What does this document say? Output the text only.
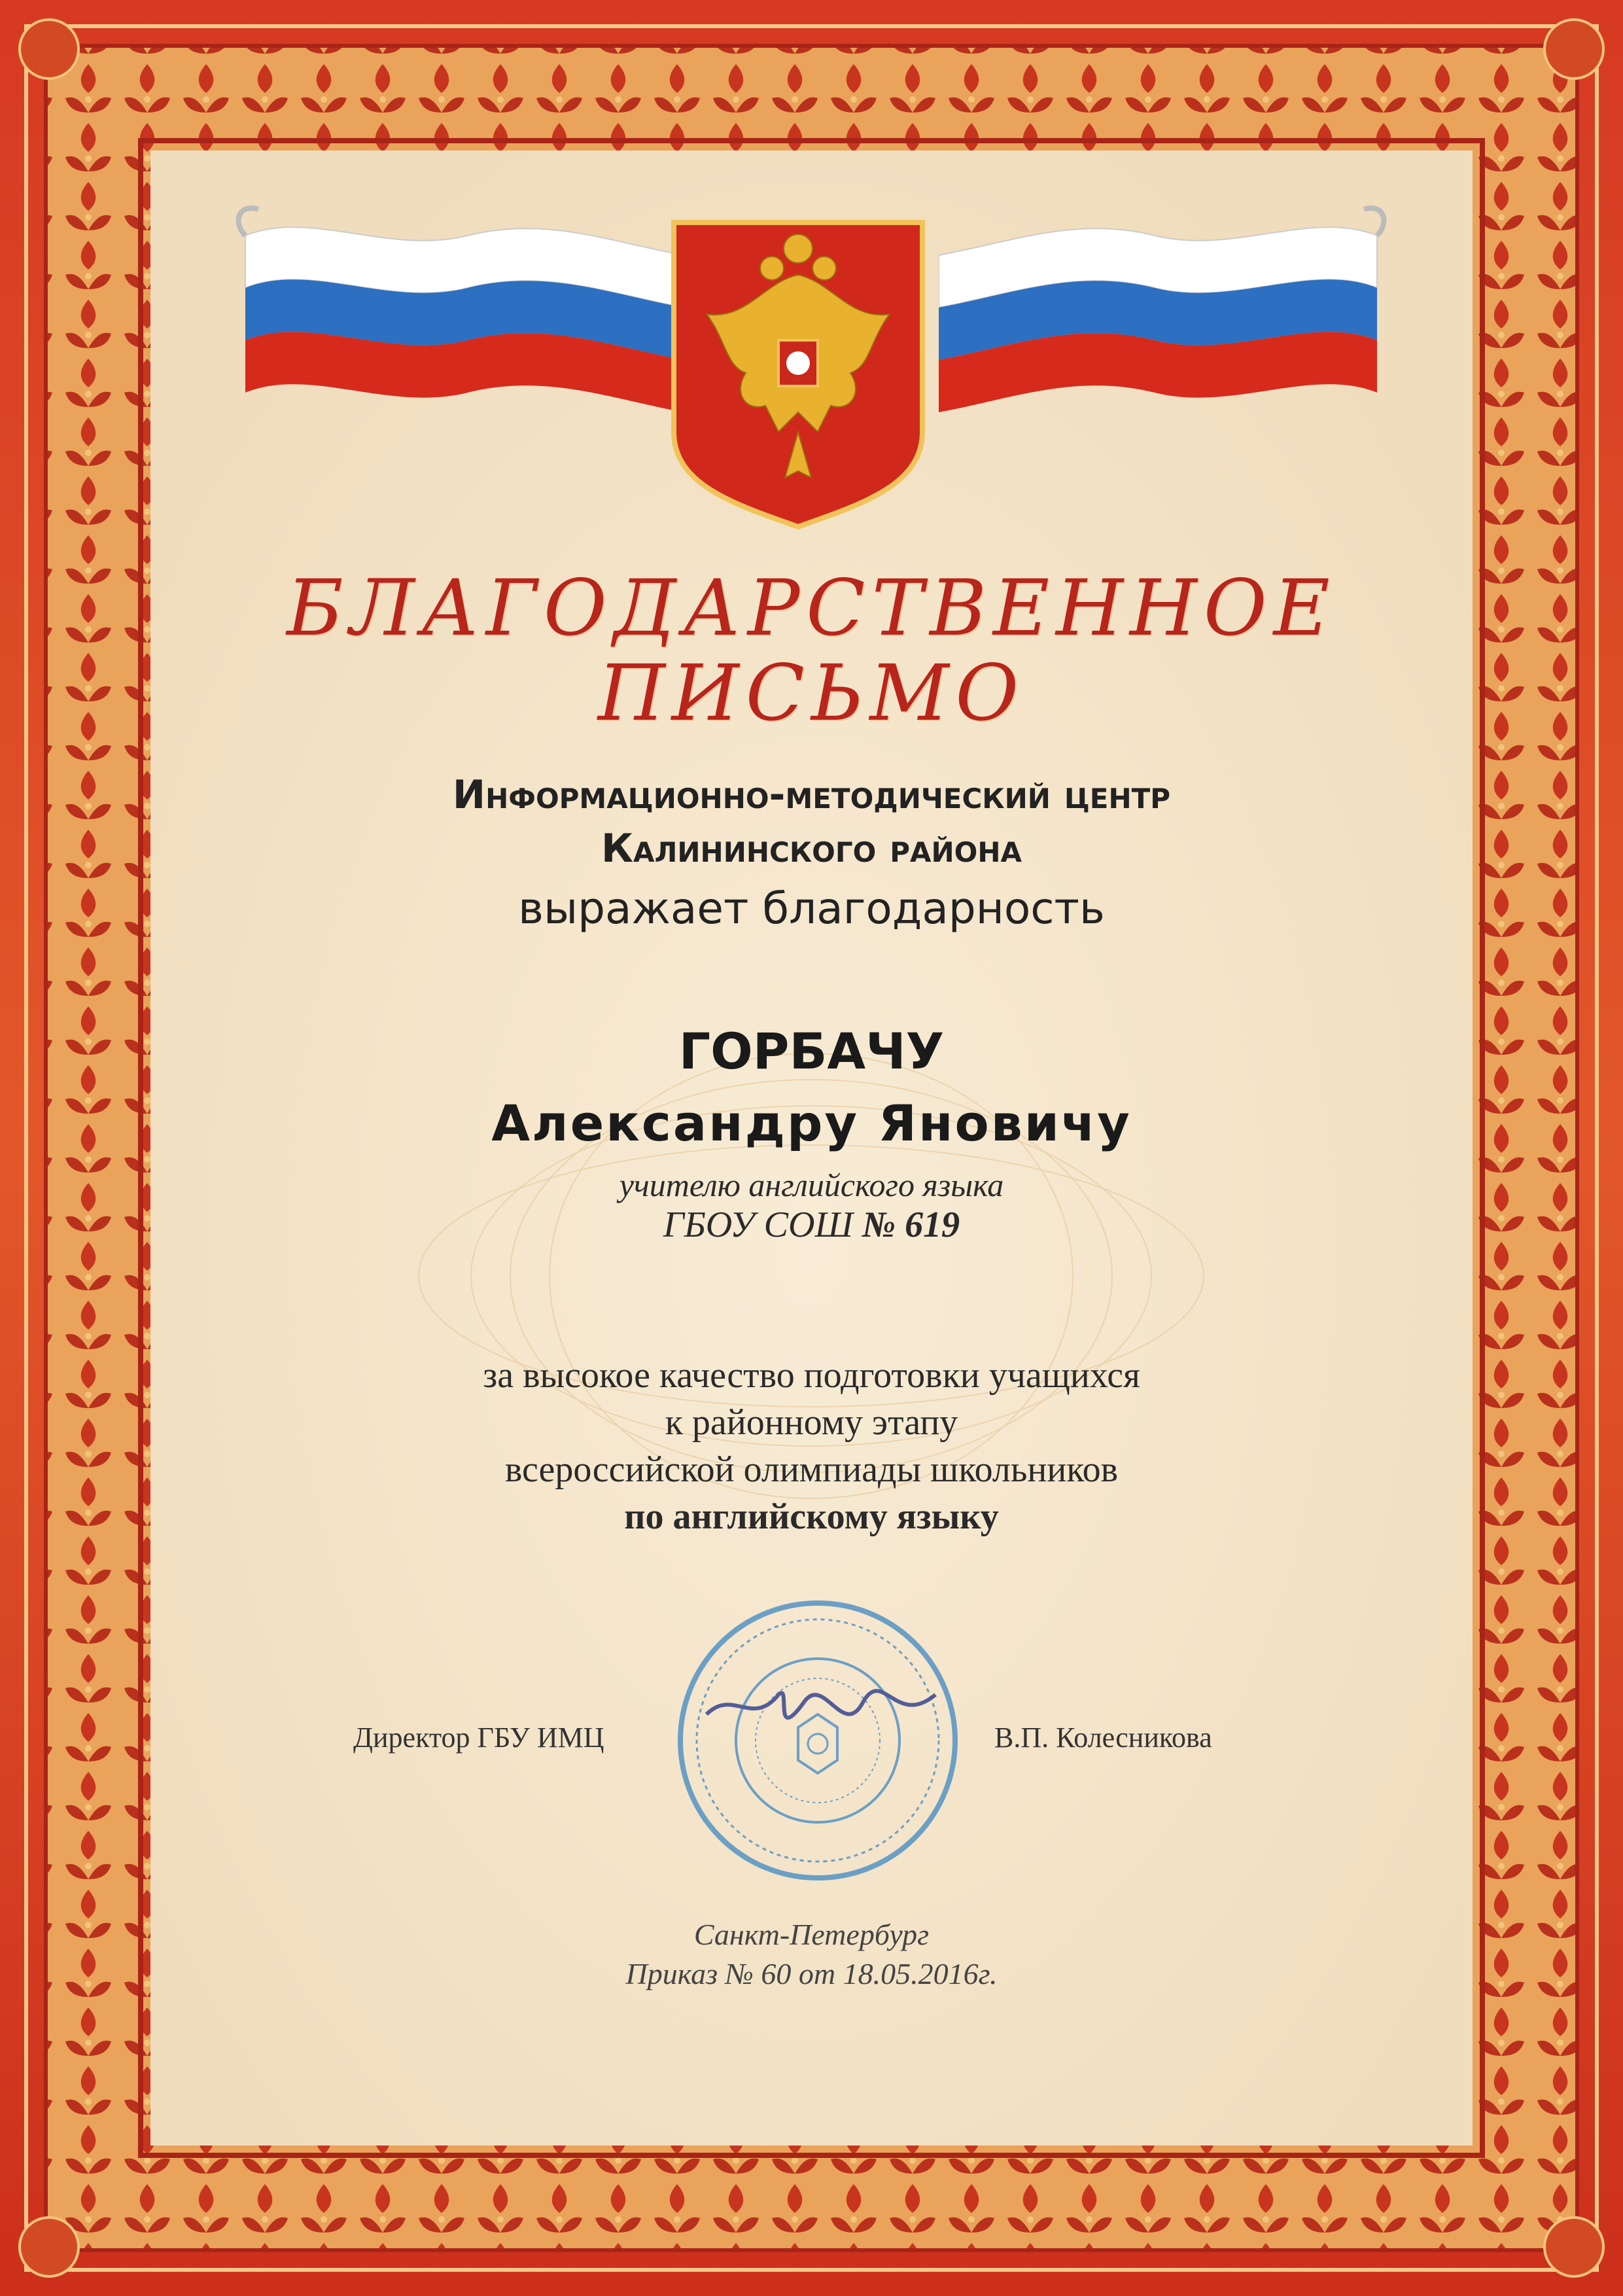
БЛАГОДАРСТВЕННОЕ
ПИСЬМО
Информационно-методический центр
Калининского района
выражает благодарность
ГОРБАЧУ
Александру Яновичу
учителю английского языка
ГБОУ СОШ № 619
за высокое качество подготовки учащихся
к районному этапу
всероссийской олимпиады школьников
по английскому языку
Директор ГБУ ИМЦ	В.П. Колесникова
Санкт-Петербург
Приказ № 60 от 18.05.2016г.
